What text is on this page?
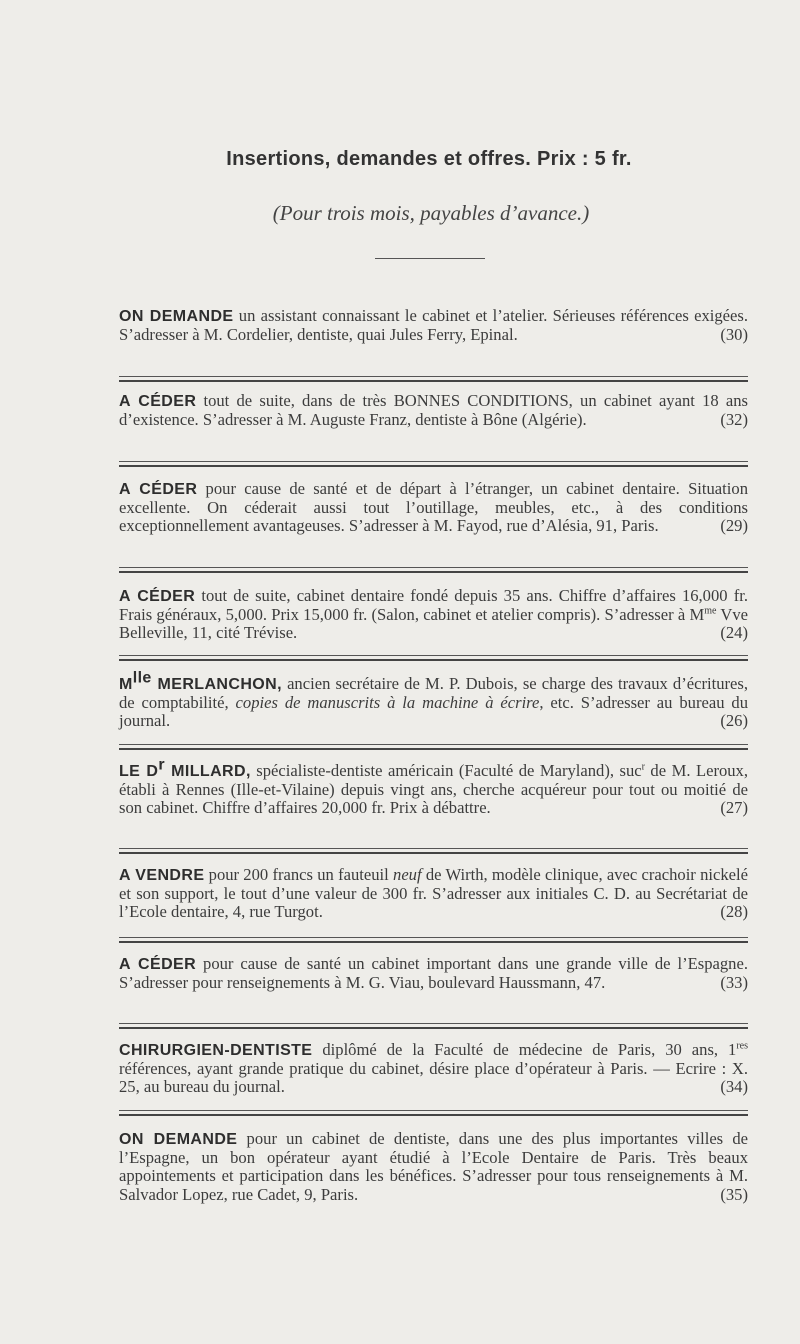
Insertions, demandes et offres. Prix : 5 fr.
(Pour trois mois, payables d’avance.)
ON DEMANDE un assistant connaissant le cabinet et l’atelier. Sérieuses références exigées. S’adresser à M. Cordelier, dentiste, quai Jules Ferry, Epinal.	(30)
A CÉDER tout de suite, dans de très BONNES CONDITIONS, un cabinet ayant 18 ans d’existence. S’adresser à M. Auguste Franz, dentiste à Bône (Algérie).	(32)
A CÉDER pour cause de santé et de départ à l’étranger, un cabinet dentaire. Situation excellente. On céderait aussi tout l’outillage, meubles, etc., à des conditions exceptionnellement avantageuses. S’adresser à M. Fayod, rue d’Alésia, 91, Paris.	(29)
A CÉDER tout de suite, cabinet dentaire fondé depuis 35 ans. Chiffre d’affaires 16,000 fr. Frais généraux, 5,000. Prix 15,000 fr. (Salon, cabinet et atelier compris). S’adresser à $M^{me}$ Vve Belleville, 11, cité Trévise.	(24)
$M^{lle}$ MERLANCHON, ancien secrétaire de M. P. Dubois, se charge des travaux d’écritures, de comptabilité, copies de manuscrits à la machine à écrire, etc. S’adresser au bureau du journal.	(26)
LE $D^r$ MILLARD, spécialiste-dentiste américain (Faculté de Maryland), suc$^r$ de M. Leroux, établi à Rennes (Ille-et-Vilaine) depuis vingt ans, cherche acquéreur pour tout ou moitié de son cabinet. Chiffre d’affaires 20,000 fr. Prix à débattre.	(27)
A VENDRE pour 200 francs un fauteuil neuf de Wirth, modèle clinique, avec crachoir nickelé et son support, le tout d’une valeur de 300 fr. S’adresser aux initiales C. D. au Secrétariat de l’Ecole dentaire, 4, rue Turgot.	(28)
A CÉDER pour cause de santé un cabinet important dans une grande ville de l’Espagne. S’adresser pour renseignements à M. G. Viau, boulevard Haussmann, 47.	(33)
CHIRURGIEN-DENTISTE diplômé de la Faculté de médecine de Paris, 30 ans, 1res références, ayant grande pratique du cabinet, désire place d’opérateur à Paris. — Ecrire : X. 25, au bureau du journal.	(34)
ON DEMANDE pour un cabinet de dentiste, dans une des plus importantes villes de l’Espagne, un bon opérateur ayant étudié à l’Ecole Dentaire de Paris. Très beaux appointements et participation dans les bénéfices. S’adresser pour tous renseignements à M. Salvador Lopez, rue Cadet, 9, Paris.	(35)
